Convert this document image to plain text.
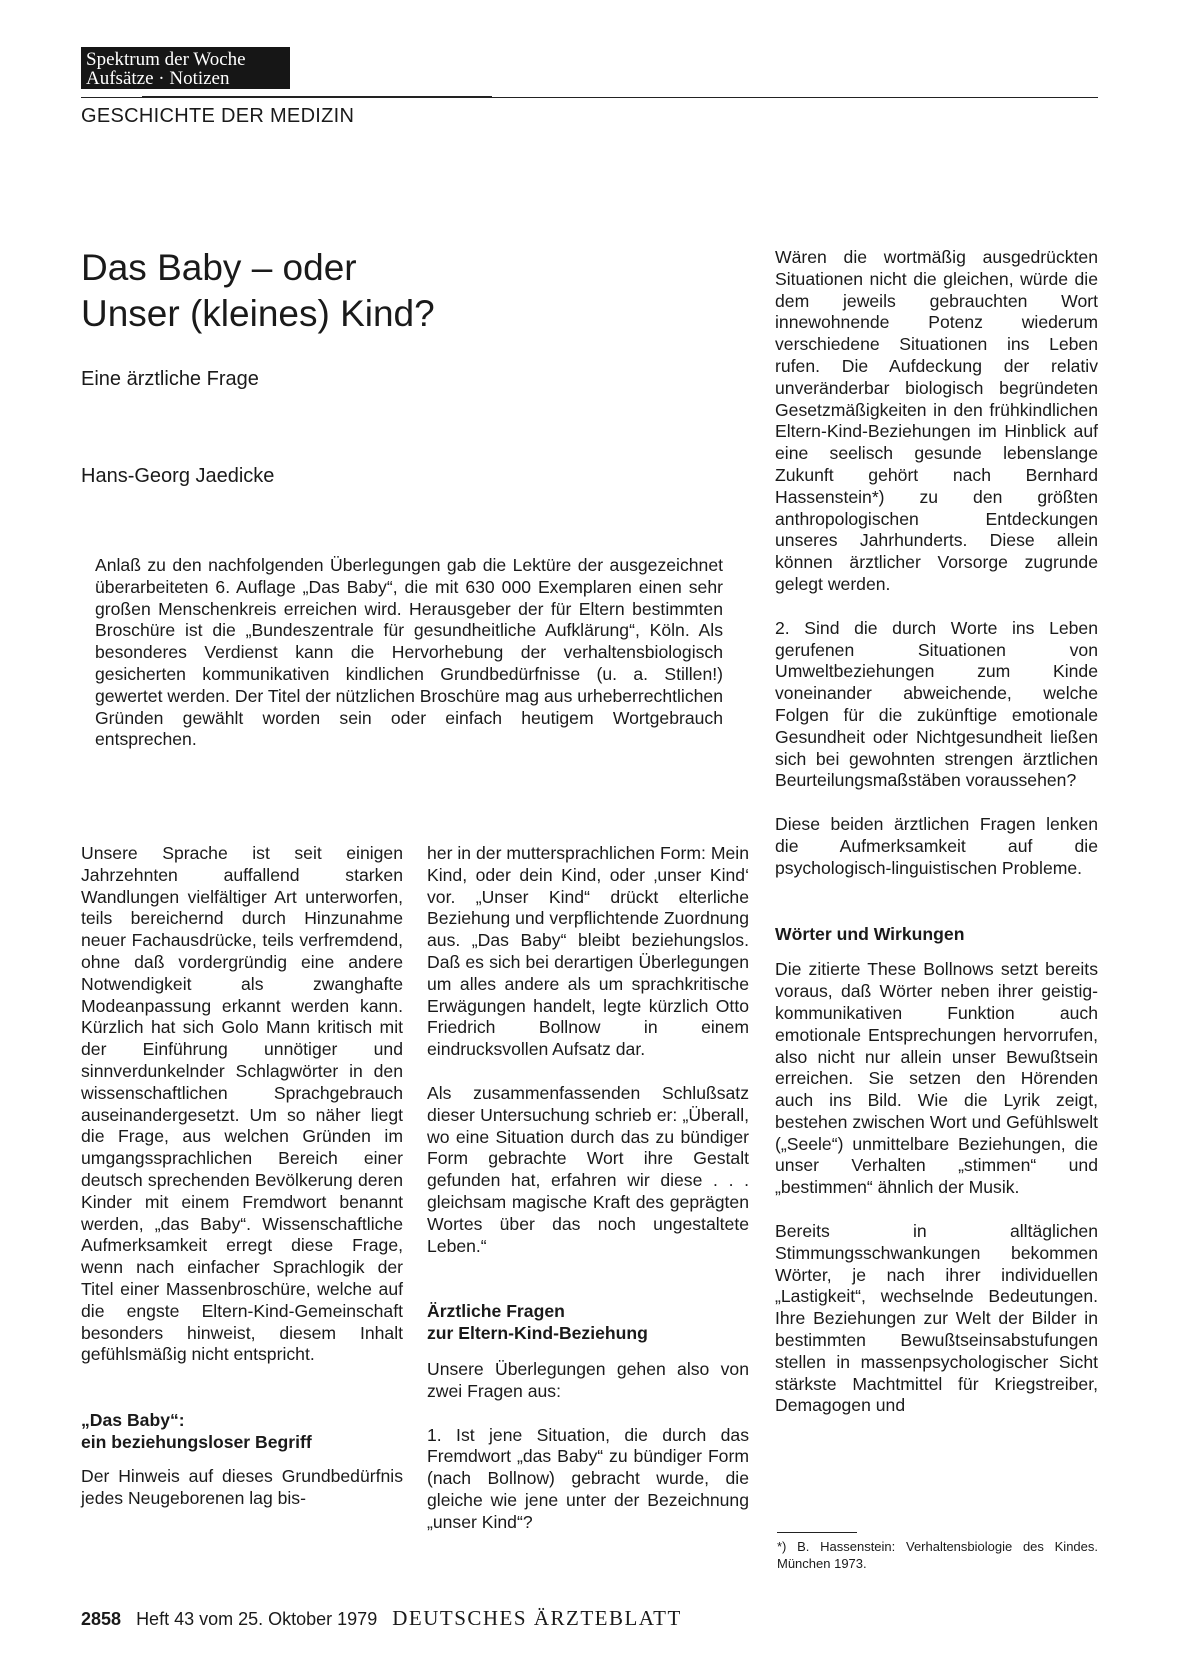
Spektrum der Woche
Aufsätze · Notizen
GESCHICHTE DER MEDIZIN
Das Baby – oder
Unser (kleines) Kind?
Eine ärztliche Frage
Hans-Georg Jaedicke

Anlaß zu den nachfolgenden Überlegungen gab die Lektüre der ausgezeichnet überarbeiteten 6. Auflage „Das Baby“, die mit 630 000 Exemplaren einen sehr großen Menschenkreis erreichen wird. Herausgeber der für Eltern bestimmten Broschüre ist die „Bundeszentrale für gesundheitliche Aufklärung“, Köln. Als besonderes Verdienst kann die Hervorhebung der verhaltensbiologisch gesicherten kommunikativen kindlichen Grundbedürfnisse (u. a. Stillen!) gewertet werden. Der Titel der nützlichen Broschüre mag aus urheberrechtlichen Gründen gewählt worden sein oder einfach heutigem Wortgebrauch entsprechen.

Unsere Sprache ist seit einigen Jahrzehnten auffallend starken Wandlungen vielfältiger Art unterworfen, teils bereichernd durch Hinzunahme neuer Fachausdrücke, teils verfremdend, ohne daß vordergründig eine andere Notwendigkeit als zwanghafte Modeanpassung erkannt werden kann. Kürzlich hat sich Golo Mann kritisch mit der Einführung unnötiger und sinnverdunkelnder Schlagwörter in den wissenschaftlichen Sprachgebrauch auseinandergesetzt. Um so näher liegt die Frage, aus welchen Gründen im umgangssprachlichen Bereich einer deutsch sprechenden Bevölkerung deren Kinder mit einem Fremdwort benannt werden, „das Baby“. Wissenschaftliche Aufmerksamkeit erregt diese Frage, wenn nach einfacher Sprachlogik der Titel einer Massenbroschüre, welche auf die engste Eltern-Kind-Gemeinschaft besonders hinweist, diesem Inhalt gefühlsmäßig nicht entspricht.

„Das Baby“:
ein beziehungsloser Begriff

Der Hinweis auf dieses Grundbedürfnis jedes Neugeborenen lag bis-

her in der muttersprachlichen Form: Mein Kind, oder dein Kind, oder ‚unser Kind‘ vor. „Unser Kind“ drückt elterliche Beziehung und verpflichtende Zuordnung aus. „Das Baby“ bleibt beziehungslos. Daß es sich bei derartigen Überlegungen um alles andere als um sprachkritische Erwägungen handelt, legte kürzlich Otto Friedrich Bollnow in einem eindrucksvollen Aufsatz dar.

Als zusammenfassenden Schlußsatz dieser Untersuchung schrieb er: „Überall, wo eine Situation durch das zu bündiger Form gebrachte Wort ihre Gestalt gefunden hat, erfahren wir diese . . . gleichsam magische Kraft des geprägten Wortes über das noch ungestaltete Leben.“

Ärztliche Fragen
zur Eltern-Kind-Beziehung

Unsere Überlegungen gehen also von zwei Fragen aus:

1. Ist jene Situation, die durch das Fremdwort „das Baby“ zu bündiger Form (nach Bollnow) gebracht wurde, die gleiche wie jene unter der Bezeichnung „unser Kind“?

Wären die wortmäßig ausgedrückten Situationen nicht die gleichen, würde die dem jeweils gebrauchten Wort innewohnende Potenz wiederum verschiedene Situationen ins Leben rufen. Die Aufdeckung der relativ unveränderbar biologisch begründeten Gesetzmäßigkeiten in den frühkindlichen Eltern-Kind-Beziehungen im Hinblick auf eine seelisch gesunde lebenslange Zukunft gehört nach Bernhard Hassenstein*) zu den größten anthropologischen Entdeckungen unseres Jahrhunderts. Diese allein können ärztlicher Vorsorge zugrunde gelegt werden.

2. Sind die durch Worte ins Leben gerufenen Situationen von Umweltbeziehungen zum Kinde voneinander abweichende, welche Folgen für die zukünftige emotionale Gesundheit oder Nichtgesundheit ließen sich bei gewohnten strengen ärztlichen Beurteilungsmaßstäben voraussehen?

Diese beiden ärztlichen Fragen lenken die Aufmerksamkeit auf die psychologisch-linguistischen Probleme.

Wörter und Wirkungen

Die zitierte These Bollnows setzt bereits voraus, daß Wörter neben ihrer geistig-kommunikativen Funktion auch emotionale Entsprechungen hervorrufen, also nicht nur allein unser Bewußtsein erreichen. Sie setzen den Hörenden auch ins Bild. Wie die Lyrik zeigt, bestehen zwischen Wort und Gefühlswelt („Seele“) unmittelbare Beziehungen, die unser Verhalten „stimmen“ und „bestimmen“ ähnlich der Musik.

Bereits in alltäglichen Stimmungsschwankungen bekommen Wörter, je nach ihrer individuellen „Lastigkeit“, wechselnde Bedeutungen. Ihre Beziehungen zur Welt der Bilder in bestimmten Bewußtseinsabstufungen stellen in massenpsychologischer Sicht stärkste Machtmittel für Kriegstreiber, Demagogen und

*) B. Hassenstein: Verhaltensbiologie des Kindes. München 1973.
2858 Heft 43 vom 25. Oktober 1979 DEUTSCHES ÄRZTEBLATT
